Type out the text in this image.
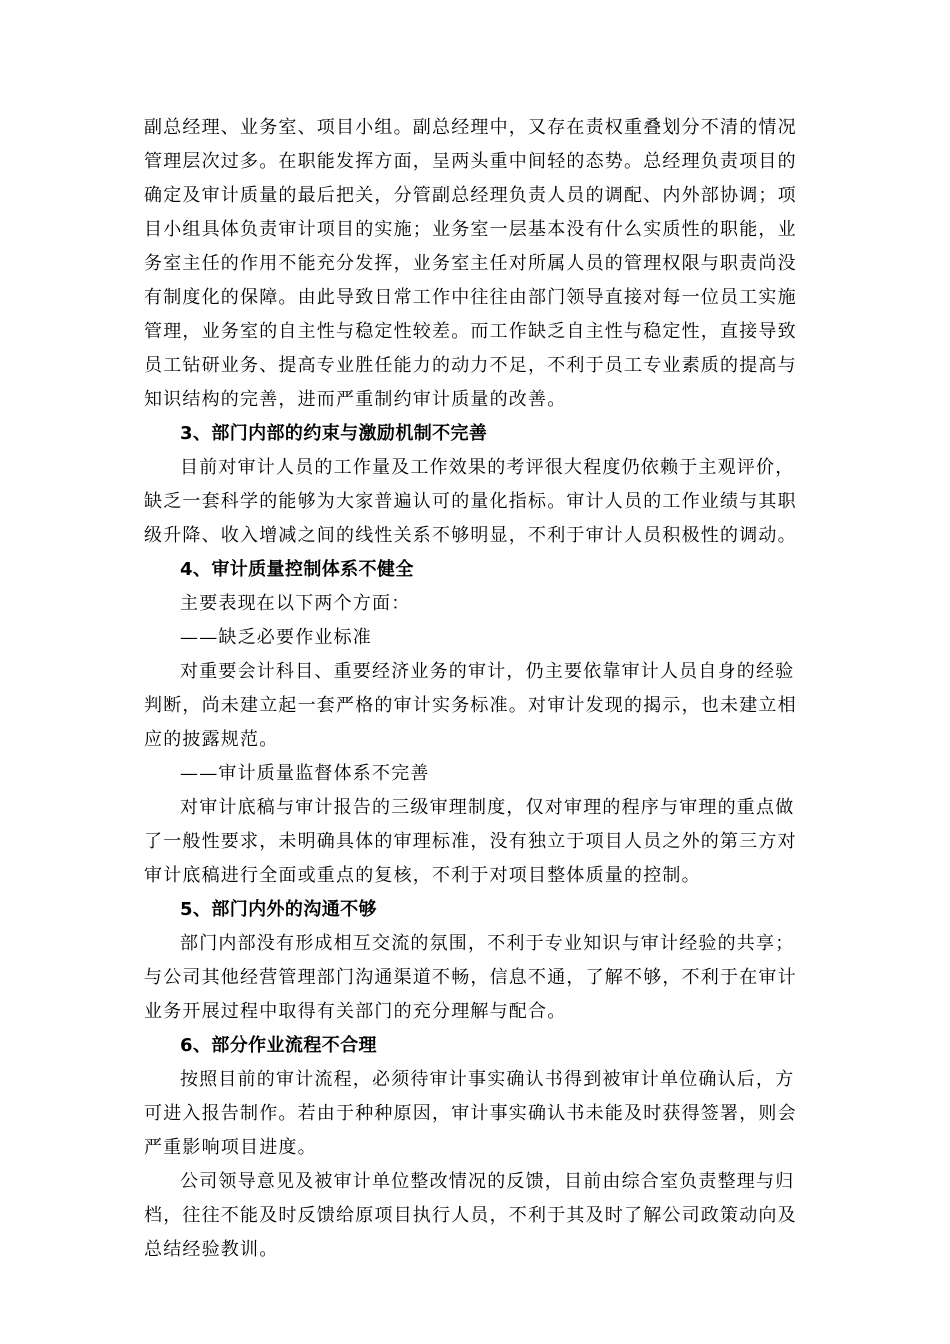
副总经理、业务室、项目小组。副总经理中，又存在责权重叠划分不清的情况
管理层次过多。在职能发挥方面，呈两头重中间轻的态势。总经理负责项目的
确定及审计质量的最后把关，分管副总经理负责人员的调配、内外部协调；项
目小组具体负责审计项目的实施；业务室一层基本没有什么实质性的职能，业
务室主任的作用不能充分发挥，业务室主任对所属人员的管理权限与职责尚没
有制度化的保障。由此导致日常工作中往往由部门领导直接对每一位员工实施
管理，业务室的自主性与稳定性较差。而工作缺乏自主性与稳定性，直接导致
员工钻研业务、提高专业胜任能力的动力不足，不利于员工专业素质的提高与
知识结构的完善，进而严重制约审计质量的改善。
3、部门内部的约束与激励机制不完善
目前对审计人员的工作量及工作效果的考评很大程度仍依赖于主观评价，
缺乏一套科学的能够为大家普遍认可的量化指标。审计人员的工作业绩与其职
级升降、收入增减之间的线性关系不够明显，不利于审计人员积极性的调动。
4、审计质量控制体系不健全
主要表现在以下两个方面：
——缺乏必要作业标准
对重要会计科目、重要经济业务的审计，仍主要依靠审计人员自身的经验
判断，尚未建立起一套严格的审计实务标准。对审计发现的揭示，也未建立相
应的披露规范。
——审计质量监督体系不完善
对审计底稿与审计报告的三级审理制度，仅对审理的程序与审理的重点做
了一般性要求，未明确具体的审理标准，没有独立于项目人员之外的第三方对
审计底稿进行全面或重点的复核，不利于对项目整体质量的控制。
5、部门内外的沟通不够
部门内部没有形成相互交流的氛围，不利于专业知识与审计经验的共享；
与公司其他经营管理部门沟通渠道不畅，信息不通，了解不够，不利于在审计
业务开展过程中取得有关部门的充分理解与配合。
6、部分作业流程不合理
按照目前的审计流程，必须待审计事实确认书得到被审计单位确认后，方
可进入报告制作。若由于种种原因，审计事实确认书未能及时获得签署，则会
严重影响项目进度。
公司领导意见及被审计单位整改情况的反馈，目前由综合室负责整理与归
档，往往不能及时反馈给原项目执行人员，不利于其及时了解公司政策动向及
总结经验教训。
